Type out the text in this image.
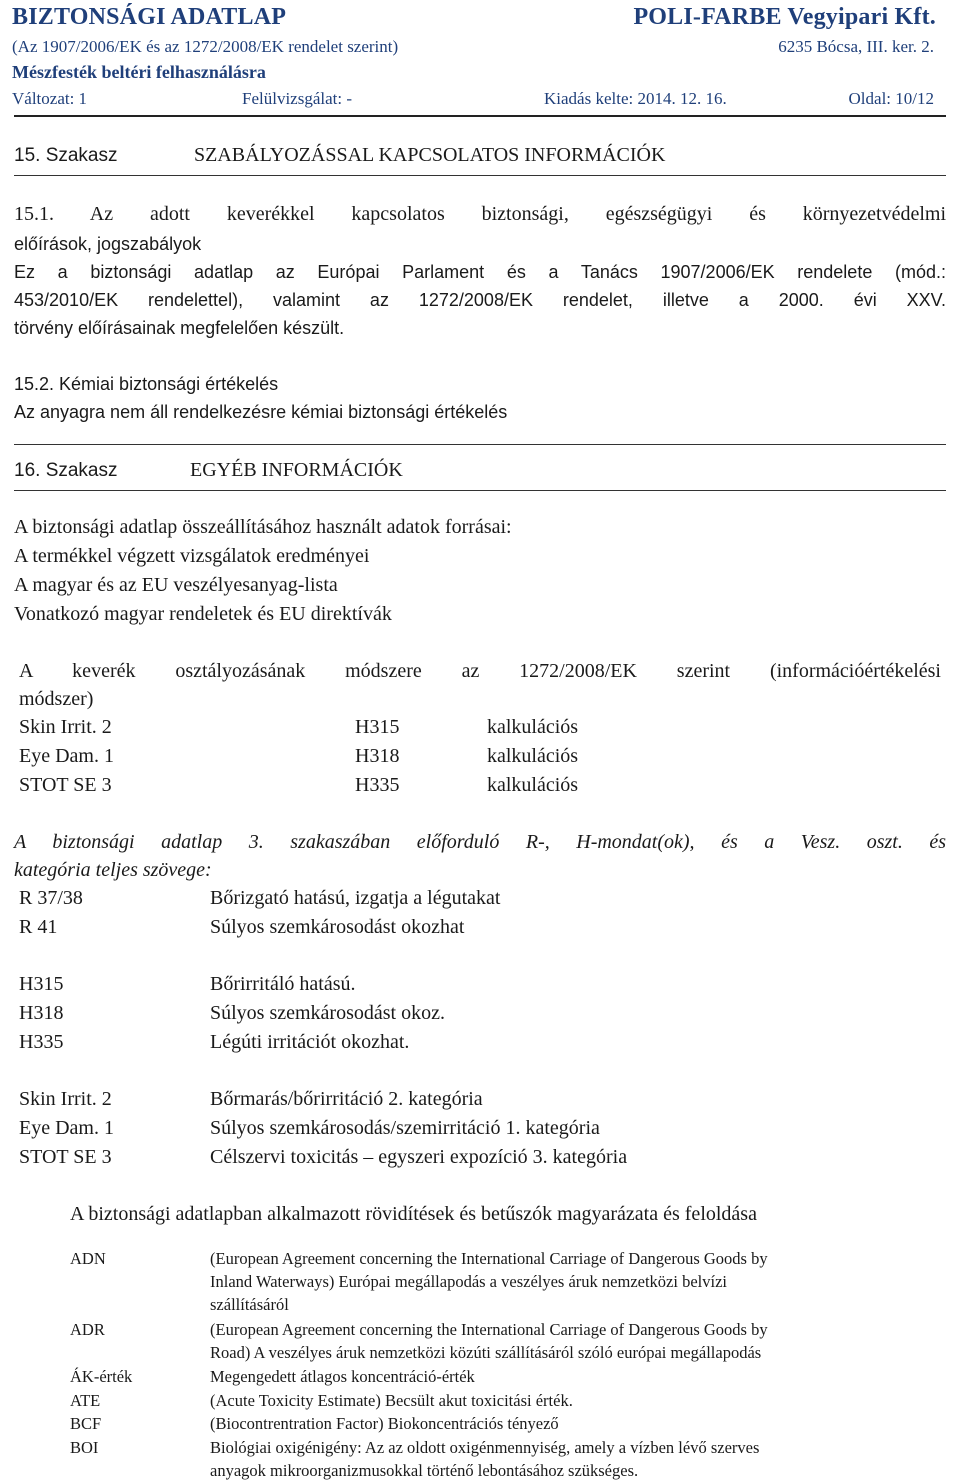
BIZTONSÁGI ADATLAP	POLI-FARBE Vegyipari Kft.
(Az 1907/2006/EK és az 1272/2008/EK rendelet szerint)	6235 Bócsa, III. ker. 2.
Mészfesték beltéri felhasználásra
Változat: 1	Felülvizsgálat: -	Kiadás kelte: 2014. 12. 16.	Oldal: 10/12
15. Szakasz	SZABÁLYOZÁSSAL KAPCSOLATOS INFORMÁCIÓK
15.1. Az adott keverékkel kapcsolatos biztonsági, egészségügyi és környezetvédelmi
előírások, jogszabályok
Ez a biztonsági adatlap az Európai Parlament és a Tanács 1907/2006/EK rendelete (mód.:
453/2010/EK rendelettel), valamint az 1272/2008/EK rendelet, illetve a 2000. évi XXV.
törvény előírásainak megfelelően készült.
15.2. Kémiai biztonsági értékelés
Az anyagra nem áll rendelkezésre kémiai biztonsági értékelés
16. Szakasz	EGYÉB INFORMÁCIÓK
A biztonsági adatlap összeállításához használt adatok forrásai:
A termékkel végzett vizsgálatok eredményei
A magyar és az EU veszélyesanyag-lista
Vonatkozó magyar rendeletek és EU direktívák
A keverék osztályozásának módszere az 1272/2008/EK szerint (információértékelési
módszer)
Skin Irrit. 2	H315	kalkulációs
Eye Dam. 1	H318	kalkulációs
STOT SE 3	H335	kalkulációs
A biztonsági adatlap 3. szakaszában előforduló R-, H-mondat(ok), és a Vesz. oszt. és
kategória teljes szövege:
R 37/38	Bőrizgató hatású, izgatja a légutakat
R 41	Súlyos szemkárosodást okozhat
H315	Bőrirritáló hatású.
H318	Súlyos szemkárosodást okoz.
H335	Légúti irritációt okozhat.
Skin Irrit. 2	Bőrmarás/bőrirritáció 2. kategória
Eye Dam. 1	Súlyos szemkárosodás/szemirritáció 1. kategória
STOT SE 3	Célszervi toxicitás – egyszeri expozíció 3. kategória
A biztonsági adatlapban alkalmazott rövidítések és betűszók magyarázata és feloldása
ADN	(European Agreement concerning the International Carriage of Dangerous Goods by
Inland Waterways) Európai megállapodás a veszélyes áruk nemzetközi belvízi
szállításáról
ADR	(European Agreement concerning the International Carriage of Dangerous Goods by
Road) A veszélyes áruk nemzetközi közúti szállításáról szóló európai megállapodás
ÁK-érték	Megengedett átlagos koncentráció-érték
ATE	(Acute Toxicity Estimate) Becsült akut toxicitási érték.
BCF	(Biocontrentration Factor) Biokoncentrációs tényező
BOI	Biológiai oxigénigény: Az az oldott oxigénmennyiség, amely a vízben lévő szerves
anyagok mikroorganizmusokkal történő lebontásához szükséges.
